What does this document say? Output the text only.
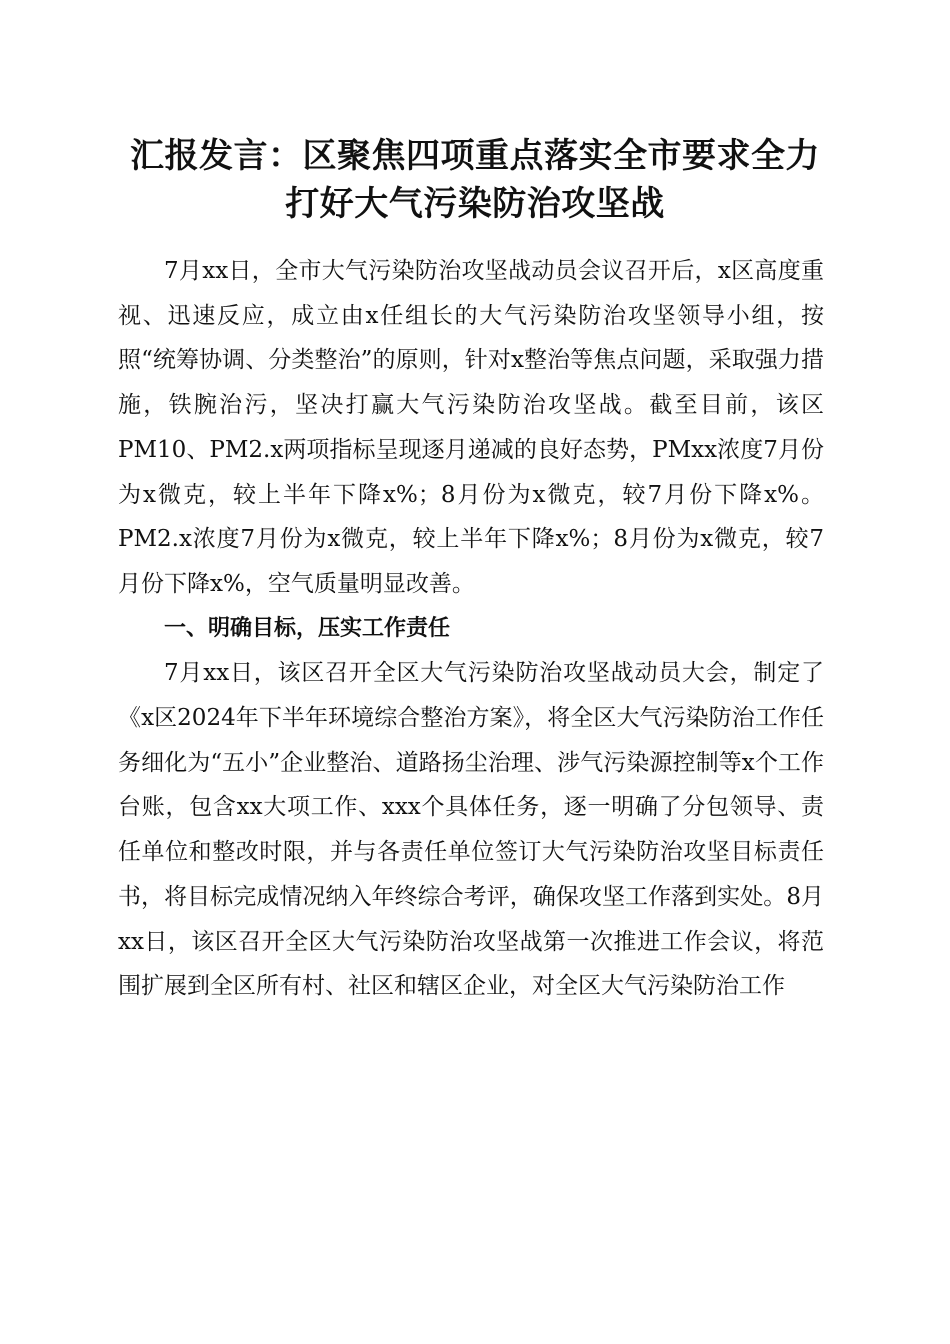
汇报发言：区聚焦四项重点落实全市要求全力
打好大气污染防治攻坚战

7月xx日，全市大气污染防治攻坚战动员会议召开后，x区高度重视、迅速反应，成立由x任组长的大气污染防治攻坚领导小组，按照“统筹协调、分类整治”的原则，针对x整治等焦点问题，采取强力措施，铁腕治污，坚决打赢大气污染防治攻坚战。截至目前，该区PM10、PM2.x两项指标呈现逐月递减的良好态势，PMxx浓度7月份为x微克，较上半年下降x%；8月份为x微克，较7月份下降x%。PM2.x浓度7月份为x微克，较上半年下降x%；8月份为x微克，较7月份下降x%，空气质量明显改善。

一、明确目标，压实工作责任

7月xx日，该区召开全区大气污染防治攻坚战动员大会，制定了《x区2024年下半年环境综合整治方案》，将全区大气污染防治工作任务细化为“五小”企业整治、道路扬尘治理、涉气污染源控制等x个工作台账，包含xx大项工作、xxx个具体任务，逐一明确了分包领导、责任单位和整改时限，并与各责任单位签订大气污染防治攻坚目标责任书，将目标完成情况纳入年终综合考评，确保攻坚工作落到实处。8月xx日，该区召开全区大气污染防治攻坚战第一次推进工作会议，将范围扩展到全区所有村、社区和辖区企业，对全区大气污染防治工作
